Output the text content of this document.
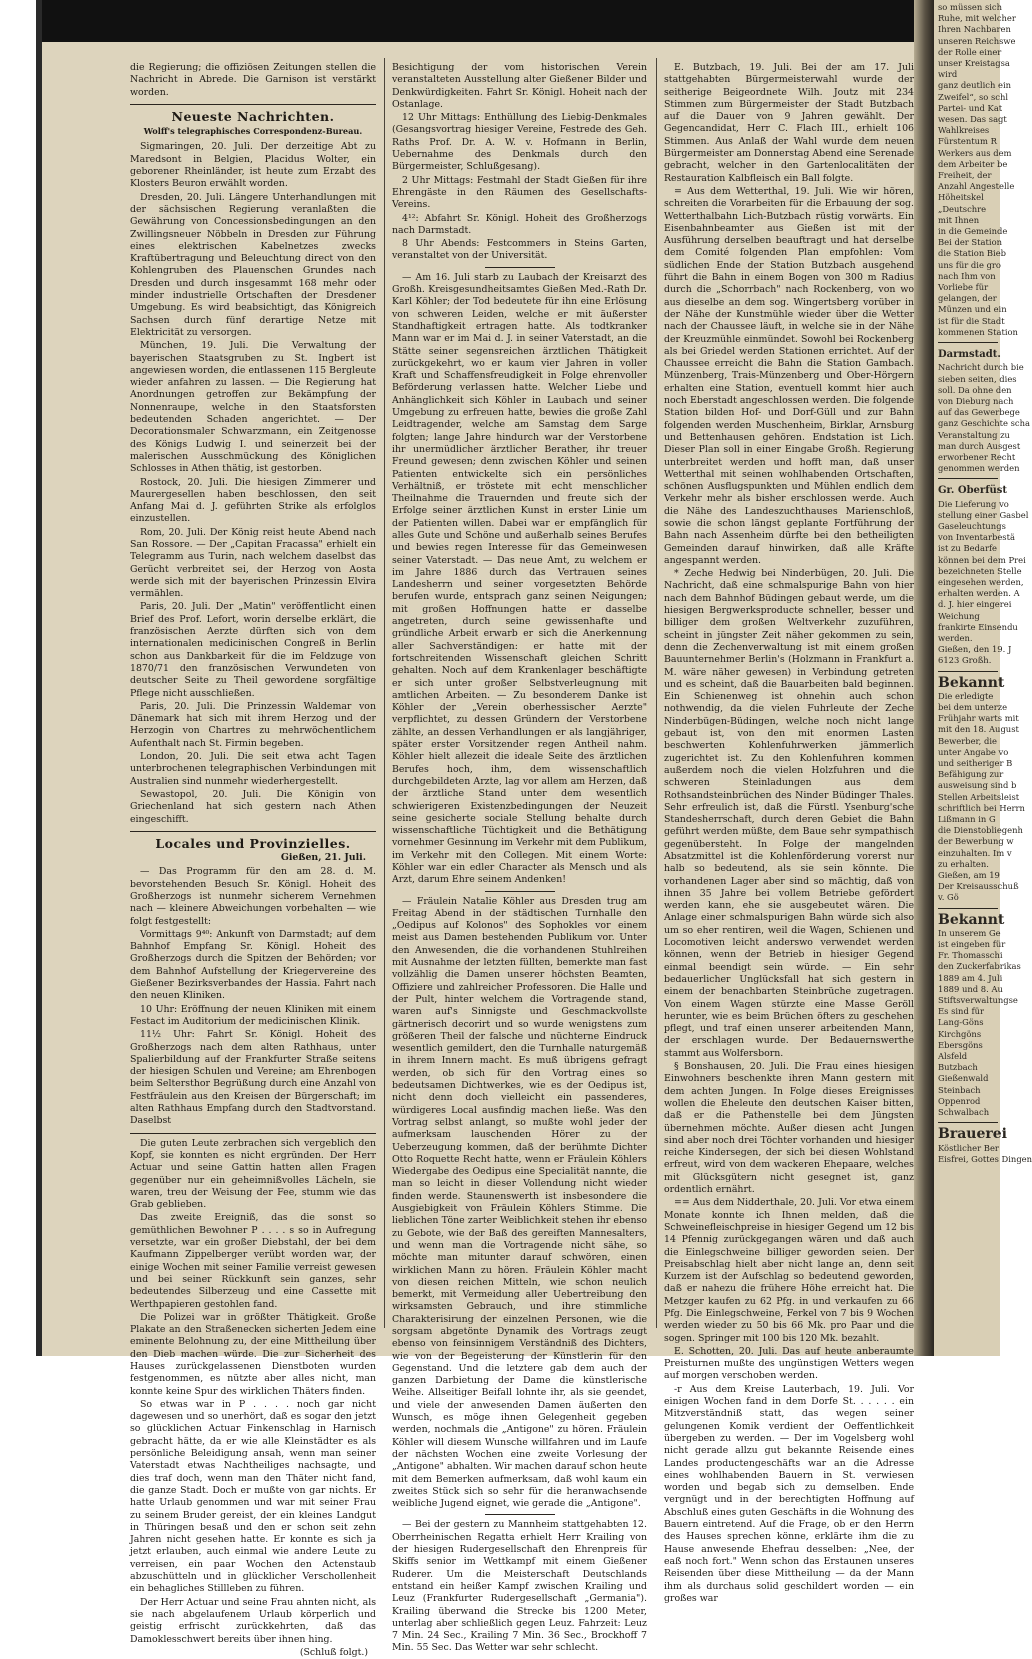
die Regierung; die offiziösen Zeitungen stellen die Nachricht in Abrede. Die Garnison ist verstärkt worden.

Neueste Nachrichten.
Wolff's telegraphisches Correspondenz-Bureau.

Sigmaringen, 20. Juli. Der derzeitige Abt zu Maredsont in Belgien, Placidus Wolter, ein geborener Rheinländer, ist heute zum Erzabt des Klosters Beuron erwählt worden.

Dresden, 20. Juli. Längere Unterhandlungen mit der sächsischen Regierung veranlaßten die Gewährung von Concessionsbedingungen an den Zwillingsneuer Nöbbeln in Dresden zur Führung eines elektrischen Kabelnetzes zwecks Kraftübertragung und Beleuchtung direct von den Kohlengruben des Plauenschen Grundes nach Dresden und durch insgesammt 168 mehr oder minder industrielle Ortschaften der Dresdener Umgebung. Es wird beabsichtigt, das Königreich Sachsen durch fünf derartige Netze mit Elektricität zu versorgen.

München, 19. Juli. Die Verwaltung der bayerischen Staatsgruben zu St. Ingbert ist angewiesen worden, die entlassenen 115 Bergleute wieder anfahren zu lassen. — Die Regierung hat Anordnungen getroffen zur Bekämpfung der Nonnenraupe, welche in den Staatsforsten bedeutenden Schaden angerichtet. — Der Decorationsmaler Schwarzmann, ein Zeitgenosse des Königs Ludwig I. und seinerzeit bei der malerischen Ausschmückung des Königlichen Schlosses in Athen thätig, ist gestorben.

Rostock, 20. Juli. Die hiesigen Zimmerer und Maurergesellen haben beschlossen, den seit Anfang Mai d. J. geführten Strike als erfolglos einzustellen.

Rom, 20. Juli. Der König reist heute Abend nach San Rossore. — Der „Capitan Fracassa" erhielt ein Telegramm aus Turin, nach welchem daselbst das Gerücht verbreitet sei, der Herzog von Aosta werde sich mit der bayerischen Prinzessin Elvira vermählen.

Paris, 20. Juli. Der „Matin" veröffentlicht einen Brief des Prof. Lefort, worin derselbe erklärt, die französischen Aerzte dürften sich von dem internationalen medicinischen Congreß in Berlin schon aus Dankbarkeit für die im Feldzuge von 1870/71 den französischen Verwundeten von deutscher Seite zu Theil gewordene sorgfältige Pflege nicht ausschließen.

Paris, 20. Juli. Die Prinzessin Waldemar von Dänemark hat sich mit ihrem Herzog und der Herzogin von Chartres zu mehrwöchentlichem Aufenthalt nach St. Firmin begeben.

London, 20. Juli. Die seit etwa acht Tagen unterbrochenen telegraphischen Verbindungen mit Australien sind nunmehr wiederhergestellt.

Sewastopol, 20. Juli. Die Königin von Griechenland hat sich gestern nach Athen eingeschifft.

Locales und Provinzielles.
Gießen, 21. Juli.

— Das Programm für den am 28. d. M. bevorstehenden Besuch Sr. Königl. Hoheit des Großherzogs ist nunmehr sicherem Vernehmen nach — kleinere Abweichungen vorbehalten — wie folgt festgestellt:

Vormittags 9⁴⁰: Ankunft von Darmstadt; auf dem Bahnhof Empfang Sr. Königl. Hoheit des Großherzogs durch die Spitzen der Behörden; vor dem Bahnhof Aufstellung der Kriegervereine des Gießener Bezirksverbandes der Hassia. Fahrt nach den neuen Kliniken.

10 Uhr: Eröffnung der neuen Kliniken mit einem Festact im Auditorium der medicinischen Klinik.

11½ Uhr: Fahrt Sr. Königl. Hoheit des Großherzogs nach dem alten Rathhaus, unter Spalierbildung auf der Frankfurter Straße seitens der hiesigen Schulen und Vereine; am Ehrenbogen beim Seltersthor Begrüßung durch eine Anzahl von Festfräulein aus den Kreisen der Bürgerschaft; im alten Rathhaus Empfang durch den Stadtvorstand. Daselbst

Die guten Leute zerbrachen sich vergeblich den Kopf, sie konnten es nicht ergründen. Der Herr Actuar und seine Gattin hatten allen Fragen gegenüber nur ein geheimnißvolles Lächeln, sie waren, treu der Weisung der Fee, stumm wie das Grab geblieben.

Das zweite Ereigniß, das die sonst so gemüthlichen Bewohner P . . . . s so in Aufregung versetzte, war ein großer Diebstahl, der bei dem Kaufmann Zippelberger verübt worden war, der einige Wochen mit seiner Familie verreist gewesen und bei seiner Rückkunft sein ganzes, sehr bedeutendes Silberzeug und eine Cassette mit Werthpapieren gestohlen fand.

Die Polizei war in größter Thätigkeit. Große Plakate an den Straßenecken sicherten Jedem eine eminente Belohnung zu, der eine Mittheilung über den Dieb machen würde. Die zur Sicherheit des Hauses zurückgelassenen Dienstboten wurden festgenommen, es nützte aber alles nicht, man konnte keine Spur des wirklichen Thäters finden.

So etwas war in P . . . . noch gar nicht dagewesen und so unerhört, daß es sogar den jetzt so glücklichen Actuar Finkenschlag in Harnisch gebracht hätte, da er wie alle Kleinstädter es als persönliche Beleidigung ansah, wenn man seiner Vaterstadt etwas Nachtheiliges nachsagte, und dies traf doch, wenn man den Thäter nicht fand, die ganze Stadt. Doch er mußte von gar nichts. Er hatte Urlaub genommen und war mit seiner Frau zu seinem Bruder gereist, der ein kleines Landgut in Thüringen besaß und den er schon seit zehn Jahren nicht gesehen hatte. Er konnte es sich ja jetzt erlauben, auch einmal wie andere Leute zu verreisen, ein paar Wochen den Actenstaub abzuschütteln und in glücklicher Verschollenheit ein behagliches Stillleben zu führen.

Der Herr Actuar und seine Frau ahnten nicht, als sie nach abgelaufenem Urlaub körperlich und geistig erfrischt zurückkehrten, daß das Damoklesschwert bereits über ihnen hing.

(Schluß folgt.)

Besichtigung der vom historischen Verein veranstalteten Ausstellung alter Gießener Bilder und Denkwürdigkeiten. Fahrt Sr. Königl. Hoheit nach der Ostanlage.

12 Uhr Mittags: Enthüllung des Liebig-Denkmales (Gesangsvortrag hiesiger Vereine, Festrede des Geh. Raths Prof. Dr. A. W. v. Hofmann in Berlin, Uebernahme des Denkmals durch den Bürgermeister, Schlußgesang).

2 Uhr Mittags: Festmahl der Stadt Gießen für ihre Ehrengäste in den Räumen des Gesellschafts-Vereins.

4¹²: Abfahrt Sr. Königl. Hoheit des Großherzogs nach Darmstadt.

8 Uhr Abends: Festcommers in Steins Garten, veranstaltet von der Universität.

— Am 16. Juli starb zu Laubach der Kreisarzt des Großh. Kreisgesundheitsamtes Gießen Med.-Rath Dr. Karl Köhler; der Tod bedeutete für ihn eine Erlösung von schweren Leiden, welche er mit äußerster Standhaftigkeit ertragen hatte. Als todtkranker Mann war er im Mai d. J. in seiner Vaterstadt, an die Stätte seiner segensreichen ärztlichen Thätigkeit zurückgekehrt, wo er kaum vier Jahren in voller Kraft und Schaffensfreudigkeit in Folge ehrenvoller Beförderung verlassen hatte. Welcher Liebe und Anhänglichkeit sich Köhler in Laubach und seiner Umgebung zu erfreuen hatte, bewies die große Zahl Leidtragender, welche am Samstag dem Sarge folgten; lange Jahre hindurch war der Verstorbene ihr unermüdlicher ärztlicher Berather, ihr treuer Freund gewesen; denn zwischen Köhler und seinen Patienten entwickelte sich ein persönliches Verhältniß, er tröstete mit echt menschlicher Theilnahme die Trauernden und freute sich der Erfolge seiner ärztlichen Kunst in erster Linie um der Patienten willen. Dabei war er empfänglich für alles Gute und Schöne und außerhalb seines Berufes und bewies regen Interesse für das Gemeinwesen seiner Vaterstadt. — Das neue Amt, zu welchem er im Jahre 1886 durch das Vertrauen seines Landesherrn und seiner vorgesetzten Behörde berufen wurde, entsprach ganz seinen Neigungen; mit großen Hoffnungen hatte er dasselbe angetreten, durch seine gewissenhafte und gründliche Arbeit erwarb er sich die Anerkennung aller Sachverständigen: er hatte mit der fortschreitenden Wissenschaft gleichen Schritt gehalten. Noch auf dem Krankenlager beschäftigte er sich unter großer Selbstverleugnung mit amtlichen Arbeiten. — Zu besonderem Danke ist Köhler der „Verein oberhessischer Aerzte" verpflichtet, zu dessen Gründern der Verstorbene zählte, an dessen Verhandlungen er als langjähriger, später erster Vorsitzender regen Antheil nahm. Köhler hielt allezeit die ideale Seite des ärztlichen Berufes hoch, ihm, dem wissenschaftlich durchgebildeten Arzte, lag vor allem am Herzen, daß der ärztliche Stand unter dem wesentlich schwierigeren Existenzbedingungen der Neuzeit seine gesicherte sociale Stellung behalte durch wissenschaftliche Tüchtigkeit und die Bethätigung vornehmer Gesinnung im Verkehr mit dem Publikum, im Verkehr mit den Collegen. Mit einem Worte: Köhler war ein edler Character als Mensch und als Arzt, darum Ehre seinem Andenken!

— Fräulein Natalie Köhler aus Dresden trug am Freitag Abend in der städtischen Turnhalle den „Oedipus auf Kolonos" des Sophokles vor einem meist aus Damen bestehenden Publikum vor. Unter den Anwesenden, die die vorhandenen Stuhlreihen mit Ausnahme der letzten füllten, bemerkte man fast vollzählig die Damen unserer höchsten Beamten, Offiziere und zahlreicher Professoren. Die Halle und der Pult, hinter welchem die Vortragende stand, waren auf's Sinnigste und Geschmackvollste gärtnerisch decorirt und so wurde wenigstens zum größeren Theil der falsche und nüchterne Eindruck wesentlich gemildert, den die Turnhalle naturgemäß in ihrem Innern macht. Es muß übrigens gefragt werden, ob sich für den Vortrag eines so bedeutsamen Dichtwerkes, wie es der Oedipus ist, nicht denn doch vielleicht ein passenderes, würdigeres Local ausfindig machen ließe. Was den Vortrag selbst anlangt, so mußte wohl jeder der aufmerksam lauschenden Hörer zu der Ueberzeugung kommen, daß der berühmte Dichter Otto Roquette Recht hatte, wenn er Fräulein Köhlers Wiedergabe des Oedipus eine Specialität nannte, die man so leicht in dieser Vollendung nicht wieder finden werde. Staunenswerth ist insbesondere die Ausgiebigkeit von Fräulein Köhlers Stimme. Die lieblichen Töne zarter Weiblichkeit stehen ihr ebenso zu Gebote, wie der Baß des gereiften Mannesalters, und wenn man die Vortragende nicht sähe, so möchte man mitunter darauf schwören, einen wirklichen Mann zu hören. Fräulein Köhler macht von diesen reichen Mitteln, wie schon neulich bemerkt, mit Vermeidung aller Uebertreibung den wirksamsten Gebrauch, und ihre stimmliche Charakterisirung der einzelnen Personen, wie die sorgsam abgetönte Dynamik des Vortrags zeugt ebenso von feinsinnigem Verständniß des Dichters, wie von der Begeisterung der Künstlerin für den Gegenstand. Und die letztere gab dem auch der ganzen Darbietung der Dame die künstlerische Weihe. Allseitiger Beifall lohnte ihr, als sie geendet, und viele der anwesenden Damen äußerten den Wunsch, es möge ihnen Gelegenheit gegeben werden, nochmals die „Antigone" zu hören. Fräulein Köhler will diesem Wunsche willfahren und im Laufe der nächsten Wochen eine zweite Vorlesung der „Antigone" abhalten. Wir machen darauf schon heute mit dem Bemerken aufmerksam, daß wohl kaum ein zweites Stück sich so sehr für die heranwachsende weibliche Jugend eignet, wie gerade die „Antigone".

— Bei der gestern zu Mannheim stattgehabten 12. Oberrheinischen Regatta erhielt Herr Krailing von der hiesigen Rudergesellschaft den Ehrenpreis für Skiffs senior im Wettkampf mit einem Gießener Ruderer. Um die Meisterschaft Deutschlands entstand ein heißer Kampf zwischen Krailing und Leuz (Frankfurter Rudergesellschaft „Germania"). Krailing überwand die Strecke bis 1200 Meter, unterlag aber schließlich gegen Leuz. Fahrzeit: Leuz 7 Min. 24 Sec., Krailing 7 Min. 36 Sec., Brockhoff 7 Min. 55 Sec. Das Wetter war sehr schlecht.

E. Butzbach, 19. Juli. Bei der am 17. Juli stattgehabten Bürgermeisterwahl wurde der seitherige Beigeordnete Wilh. Joutz mit 234 Stimmen zum Bürgermeister der Stadt Butzbach auf die Dauer von 9 Jahren gewählt. Der Gegencandidat, Herr C. Flach III., erhielt 106 Stimmen. Aus Anlaß der Wahl wurde dem neuen Bürgermeister am Donnerstag Abend eine Serenade gebracht, welcher in den Gartenlocalitäten der Restauration Kalbfleisch ein Ball folgte.

= Aus dem Wetterthal, 19. Juli. Wie wir hören, schreiten die Vorarbeiten für die Erbauung der sog. Wetterthalbahn Lich-Butzbach rüstig vorwärts. Ein Eisenbahnbeamter aus Gießen ist mit der Ausführung derselben beauftragt und hat derselbe dem Comité folgenden Plan empfohlen: Vom südlichen Ende der Station Butzbach ausgehend führt die Bahn in einem Bogen von 300 m Radius durch die „Schorrbach" nach Rockenberg, von wo aus dieselbe an dem sog. Wingertsberg vorüber in der Nähe der Kunstmühle wieder über die Wetter nach der Chaussee läuft, in welche sie in der Nähe der Kreuzmühle einmündet. Sowohl bei Rockenberg als bei Griedel werden Stationen errichtet. Auf der Chaussee erreicht die Bahn die Station Gambach. Münzenberg, Trais-Münzenberg und Ober-Hörgern erhalten eine Station, eventuell kommt hier auch noch Eberstadt angeschlossen werden. Die folgende Station bilden Hof- und Dorf-Güll und zur Bahn folgenden werden Muschenheim, Birklar, Arnsburg und Bettenhausen gehören. Endstation ist Lich. Dieser Plan soll in einer Eingabe Großh. Regierung unterbreitet werden und hofft man, daß unser Wetterthal mit seinen wohlhabenden Ortschaften, schönen Ausflugspunkten und Mühlen endlich dem Verkehr mehr als bisher erschlossen werde. Auch die Nähe des Landeszuchthauses Marienschloß, sowie die schon längst geplante Fortführung der Bahn nach Assenheim dürfte bei den betheiligten Gemeinden darauf hinwirken, daß alle Kräfte angespannt werden.

* Zeche Hedwig bei Ninderbügen, 20. Juli. Die Nachricht, daß eine schmalspurige Bahn von hier nach dem Bahnhof Büdingen gebaut werde, um die hiesigen Bergwerksproducte schneller, besser und billiger dem großen Weltverkehr zuzuführen, scheint in jüngster Zeit näher gekommen zu sein, denn die Zechenverwaltung ist mit einem großen Bauunternehmer Berlin's (Holzmann in Frankfurt a. M. wäre näher gewesen) in Verbindung getreten und es scheint, daß die Bauarbeiten bald beginnen. Ein Schienenweg ist ohnehin auch schon nothwendig, da die vielen Fuhrleute der Zeche Ninderbügen-Büdingen, welche noch nicht lange gebaut ist, von den mit enormen Lasten beschwerten Kohlenfuhrwerken jämmerlich zugerichtet ist. Zu den Kohlenfuhren kommen außerdem noch die vielen Holzfuhren und die schweren Steinladungen aus dem Rothsandsteinbrüchen des Ninder Büdinger Thales. Sehr erfreulich ist, daß die Fürstl. Ysenburg'sche Standesherrschaft, durch deren Gebiet die Bahn geführt werden müßte, dem Baue sehr sympathisch gegenübersteht. In Folge der mangelnden Absatzmittel ist die Kohlenförderung vorerst nur halb so bedeutend, als sie sein könnte. Die vorhandenen Lager aber sind so mächtig, daß von ihnen 35 Jahre bei vollem Betriebe gefördert werden kann, ehe sie ausgebeutet wären. Die Anlage einer schmalspurigen Bahn würde sich also um so eher rentiren, weil die Wagen, Schienen und Locomotiven leicht anderswo verwendet werden können, wenn der Betrieb in hiesiger Gegend einmal beendigt sein würde. — Ein sehr bedauerlicher Unglücksfall hat sich gestern in einem der benachbarten Steinbrüche zugetragen. Von einem Wagen stürzte eine Masse Geröll herunter, wie es beim Brüchen öfters zu geschehen pflegt, und traf einen unserer arbeitenden Mann, der erschlagen wurde. Der Bedauernswerthe stammt aus Wolfersborn.

§ Bonshausen, 20. Juli. Die Frau eines hiesigen Einwohners beschenkte ihren Mann gestern mit dem achten Jungen. In Folge dieses Ereignisses wollen die Eheleute den deutschen Kaiser bitten, daß er die Pathenstelle bei dem Jüngsten übernehmen möchte. Außer diesen acht Jungen sind aber noch drei Töchter vorhanden und hiesiger reiche Kindersegen, der sich bei diesen Wohlstand erfreut, wird von dem wackeren Ehepaare, welches mit Glücksgütern nicht gesegnet ist, ganz ordentlich ernährt.

== Aus dem Nidderthale, 20. Juli. Vor etwa einem Monate konnte ich Ihnen melden, daß die Schweinefleischpreise in hiesiger Gegend um 12 bis 14 Pfennig zurückgegangen wären und daß auch die Einlegschweine billiger geworden seien. Der Preisabschlag hielt aber nicht lange an, denn seit Kurzem ist der Aufschlag so bedeutend geworden, daß er nahezu die frühere Höhe erreicht hat. Die Metzger kaufen zu 62 Pfg. in und verkaufen zu 66 Pfg. Die Einlegschweine, Ferkel von 7 bis 9 Wochen werden wieder zu 50 bis 66 Mk. pro Paar und die sogen. Springer mit 100 bis 120 Mk. bezahlt.

E. Schotten, 20. Juli. Das auf heute anberaumte Preisturnen mußte des ungünstigen Wetters wegen auf morgen verschoben werden.

-r Aus dem Kreise Lauterbach, 19. Juli. Vor einigen Wochen fand in dem Dorfe St. . . . . . ein Mitzverständniß statt, das wegen seiner gelungenen Komik verdient der Oeffentlichkeit übergeben zu werden. — Der im Vogelsberg wohl nicht gerade allzu gut bekannte Reisende eines Landes productengeschäfts war an die Adresse eines wohlhabenden Bauern in St. verwiesen worden und begab sich zu demselben. Ende vergnügt und in der berechtigten Hoffnung auf Abschluß eines guten Geschäfts in die Wohnung des Bauern eintretend. Auf die Frage, ob er den Herrn des Hauses sprechen könne, erklärte ihm die zu Hause anwesende Ehefrau desselben: „Nee, der eaß noch fort." Wenn schon das Erstaunen unseres Reisenden über diese Mittheilung — da der Mann ihm als durchaus solid geschildert worden — ein großes war

so müssen sich
Ruhe, mit welcher
Ihren Nachbaren
unseren Reichswe
der Rolle einer
unser Kreistagsa
wird
ganz deutlich ein
Zweifel“, so schl
Partei- und Kat
wesen. Das sagt
Wahlkreises
Fürstentum R
Werkers aus dem
dem Arbeiter be
Freiheit, der
Anzahl Angestelle
Höheitskel
„Deutschre
mit Ihnen
in die Gemeinde
Bei der Station
die Station Bieb
uns für die gro
nach Ihm von
Vorliebe für
gelangen, der
Münzen und ein
ist für die Stadt
kommenen Station
Darmstadt.
Nachricht durch bie
sieben seiten, dies
soll. Da ohne den
von Dieburg nach
auf das Gewerbege
ganz Geschichte scha
Veranstaltung zu
man durch Ausgest
erworbener Recht
genommen werden
Gr. Oberfüst
Die Lieferung vo
stellung einer Gasbel
Gaseleuchtungs
von Inventarbestä
ist zu Bedarfe
können bei dem Prei
bezeichneten Stelle
eingesehen werden,
erhalten werden. A
d. J. hier eingerei
Weichung
frankirte Einsendu
werden.
Gießen, den 19. J
6123 Großh.
Bekannt
Die erledigte
bei dem unterze
Frühjahr warts mit
mit den 18. August
Bewerber, die
unter Angabe vo
und seitheriger B
Befähigung zur
ausweisung sind b
Stellen Arbeitsleist
schriftlich bei Herrn
Lißmann in G
die Dienstobliegenh
der Bewerbung w
einzuhalten. Im v
zu erhalten.
Gießen, am 19
Der Kreisausschuß
v. Gö
Bekannt
In unserem Ge
ist eingeben für
Fr. Thomasschi
den Zuckerfabrikas
1889 am 4. Juli
1889 und 8. Au
Stiftsverwaltungse
Es sind für
Lang-Göns
Kirchgöns
Ebersgöns
Alsfeld
Butzbach
Gießenwald
Steinbach
Oppenrod
Schwalbach
Brauerei
Köstlicher Ber
Eisfrei, Gottes Dingen
